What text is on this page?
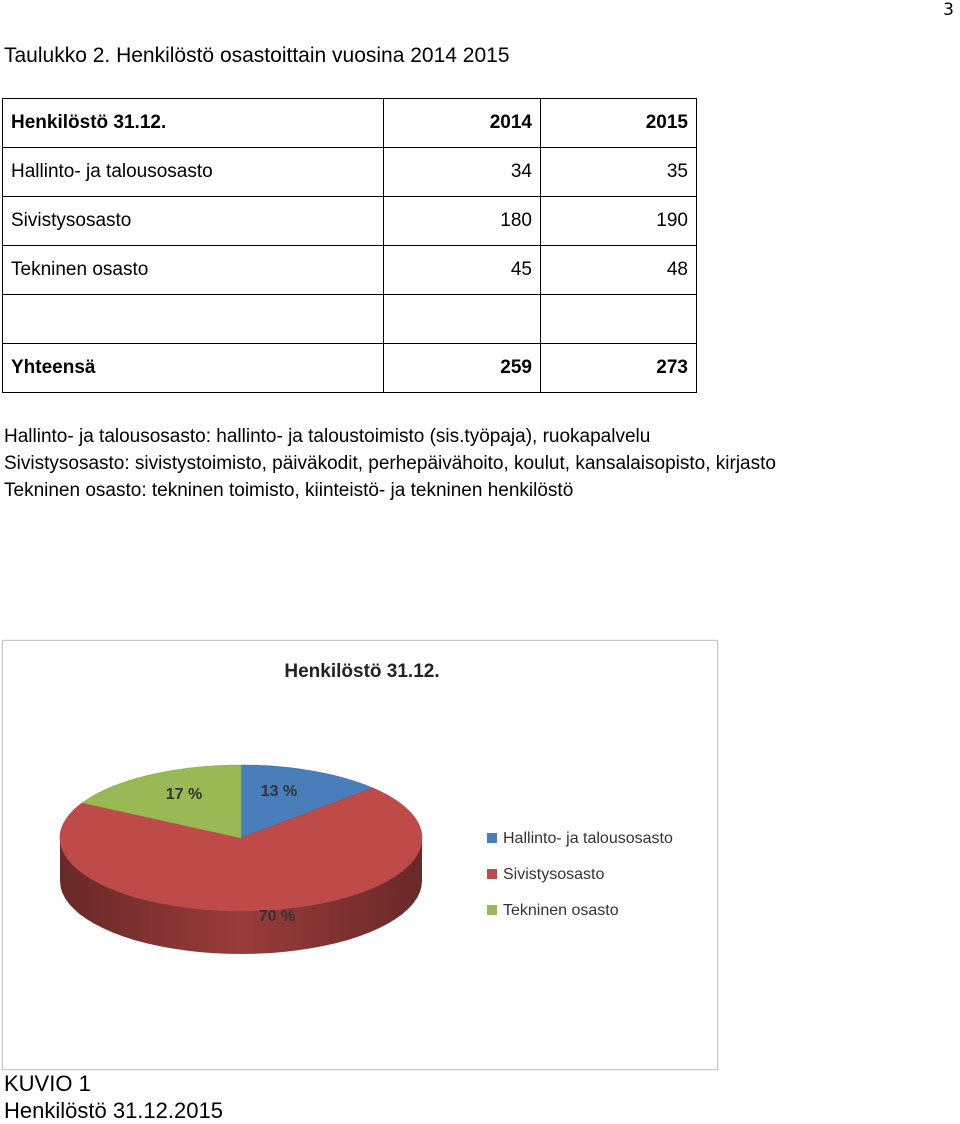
3
Taulukko 2. Henkilöstö osastoittain vuosina 2014 2015
Henkilöstö 31.12.	2014	2015
Hallinto- ja talousosasto	34	35
Sivistysosasto	180	190
Tekninen osasto	45	48

Yhteensä	259	273
Hallinto- ja talousosasto: hallinto- ja taloustoimisto (sis.työpaja), ruokapalvelu
Sivistysosasto: sivistystoimisto, päiväkodit, perhepäivähoito, koulut, kansalaisopisto, kirjasto
Tekninen osasto: tekninen toimisto, kiinteistö- ja tekninen henkilöstö
Henkilöstö 31.12.
13 %
70 %
17 %
Hallinto- ja talousosasto
Sivistysosasto
Tekninen osasto
KUVIO 1
Henkilöstö 31.12.2015
